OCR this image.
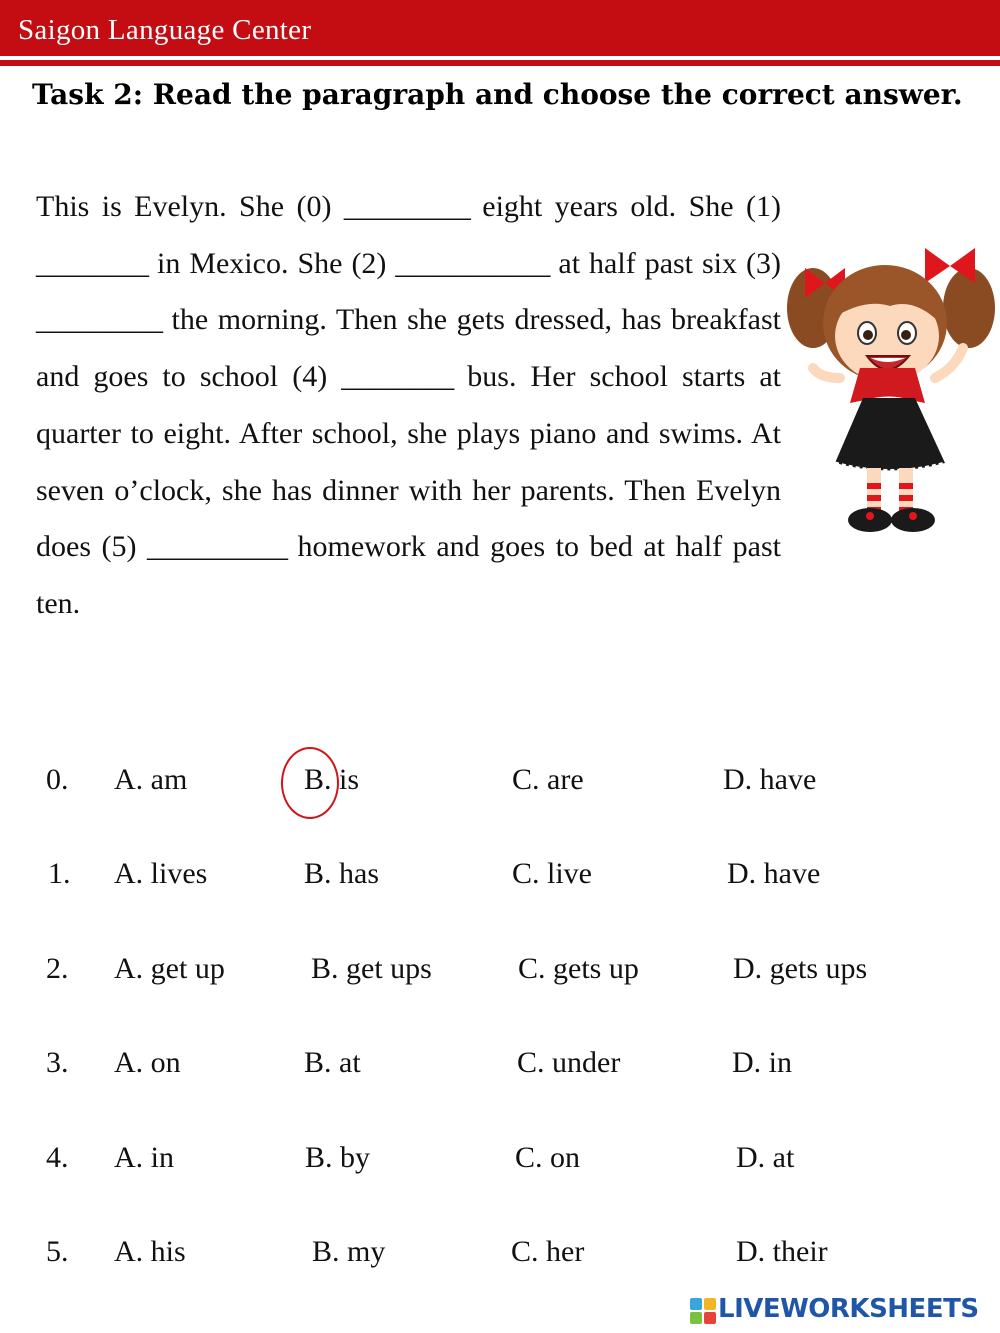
Saigon Language Center
Task 2: Read the paragraph and choose the correct answer.
This is Evelyn. She (0) _________ eight years old. She (1) ________ in Mexico. She (2) ___________ at half past six (3) _________ the morning. Then she gets dressed, has breakfast and goes to school (4) ________ bus. Her school starts at quarter to eight. After school, she plays piano and swims. At seven o’clock, she has dinner with her parents. Then Evelyn does (5) __________ homework and goes to bed at half past ten.
0. A. am	B. is	C. are	D. have
1. A. lives	B. has	C. live	D. have
2. A. get up	B. get ups	C. gets up	D. gets ups
3. A. on	B. at	C. under	D. in
4. A. in	B. by	C. on	D. at
5. A. his	B. my	C. her	D. their
LIVEWORKSHEETS
